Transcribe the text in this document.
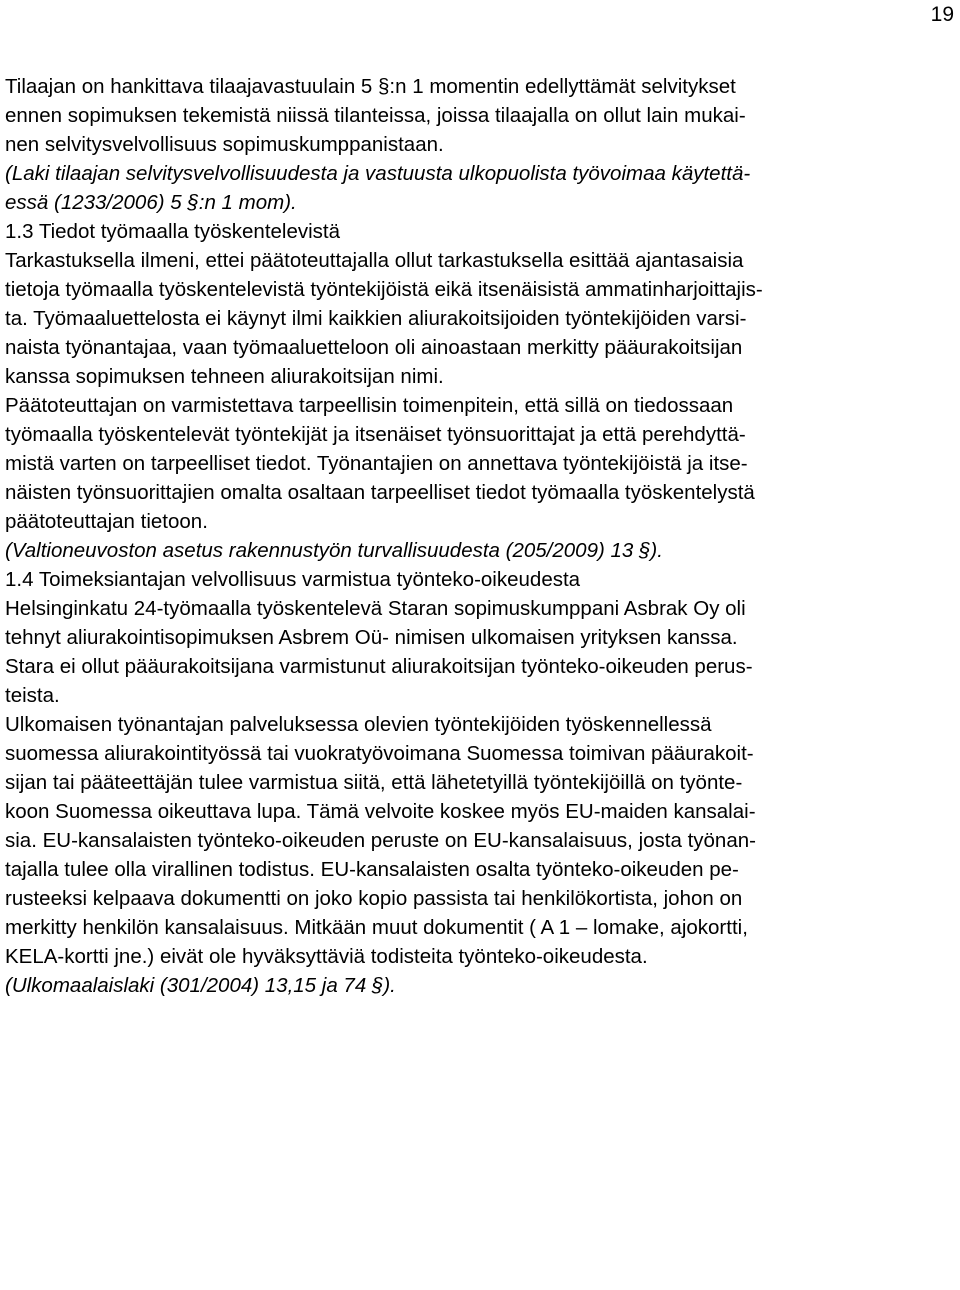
19

Tilaajan on hankittava tilaajavastuulain 5 §:n 1 momentin edellyttämät selvitykset
ennen sopimuksen tekemistä niissä tilanteissa, joissa tilaajalla on ollut lain mukai-
nen selvitysvelvollisuus sopimuskumppanistaan.

(Laki tilaajan selvitysvelvollisuudesta ja vastuusta ulkopuolista työvoimaa käytettä-
essä (1233/2006) 5 §:n 1 mom).

1.3 Tiedot työmaalla työskentelevistä

Tarkastuksella ilmeni, ettei päätoteuttajalla ollut tarkastuksella esittää ajantasaisia
tietoja työmaalla työskentelevistä työntekijöistä eikä itsenäisistä ammatinharjoittajis-
ta. Työmaaluettelosta ei käynyt ilmi kaikkien aliurakoitsijoiden työntekijöiden varsi-
naista työnantajaa, vaan työmaaluetteloon oli ainoastaan merkitty pääurakoitsijan
kanssa sopimuksen tehneen aliurakoitsijan nimi.

Päätoteuttajan on varmistettava tarpeellisin toimenpitein, että sillä on tiedossaan
työmaalla työskentelevät työntekijät ja itsenäiset työnsuorittajat ja että perehdyttä-
mistä varten on tarpeelliset tiedot. Työnantajien on annettava työntekijöistä ja itse-
näisten työnsuorittajien omalta osaltaan tarpeelliset tiedot työmaalla työskentelystä
päätoteuttajan tietoon.

(Valtioneuvoston asetus rakennustyön turvallisuudesta (205/2009) 13 §).

1.4 Toimeksiantajan velvollisuus varmistua työnteko-oikeudesta

Helsinginkatu 24-työmaalla työskentelevä Staran sopimuskumppani Asbrak Oy oli
tehnyt aliurakointisopimuksen Asbrem Oü- nimisen ulkomaisen yrityksen kanssa.
Stara ei ollut pääurakoitsijana varmistunut aliurakoitsijan työnteko-oikeuden perus-
teista.

Ulkomaisen työnantajan palveluksessa olevien työntekijöiden työskennellessä
suomessa aliurakointityössä tai vuokratyövoimana Suomessa toimivan pääurakoit-
sijan tai pääteettäjän tulee varmistua siitä, että lähetetyillä työntekijöillä on työnte-
koon Suomessa oikeuttava lupa. Tämä velvoite koskee myös EU-maiden kansalai-
sia. EU-kansalaisten työnteko-oikeuden peruste on EU-kansalaisuus, josta työnan-
tajalla tulee olla virallinen todistus. EU-kansalaisten osalta työnteko-oikeuden pe-
rusteeksi kelpaava dokumentti on joko kopio passista tai henkilökortista, johon on
merkitty henkilön kansalaisuus. Mitkään muut dokumentit ( A 1 – lomake, ajokortti,
KELA-kortti jne.) eivät ole hyväksyttäviä todisteita työnteko-oikeudesta.

(Ulkomaalaislaki (301/2004) 13,15 ja 74 §).
